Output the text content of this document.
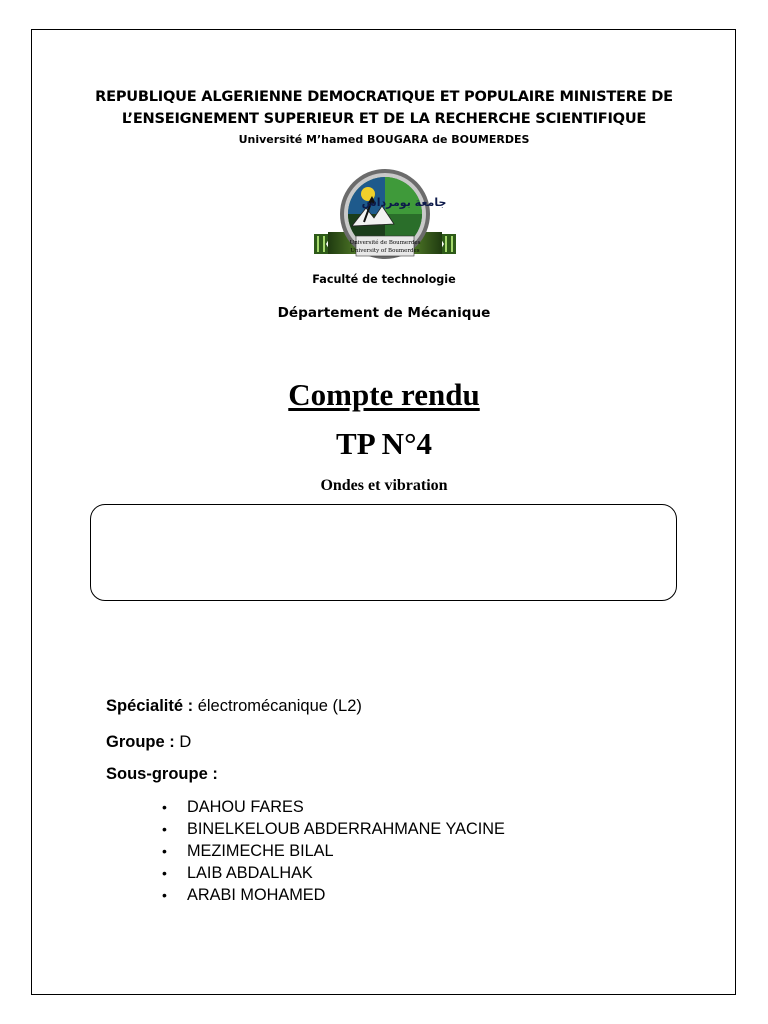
REPUBLIQUE ALGERIENNE DEMOCRATIQUE ET POPULAIRE MINISTERE DE
L’ENSEIGNEMENT SUPERIEUR ET DE LA RECHERCHE SCIENTIFIQUE
Université M’hamed BOUGARA de BOUMERDES
جامعة بومرداس
Université de Boumerdes
University of Boumerdes
Faculté de technologie
Département de Mécanique
Compte rendu
TP N°4
Ondes et vibration
Spécialité : électromécanique (L2)
Groupe : D
Sous-groupe :
• DAHOU FARES
• BINELKELOUB ABDERRAHMANE YACINE
• MEZIMECHE BILAL
• LAIB ABDALHAK
• ARABI MOHAMED
